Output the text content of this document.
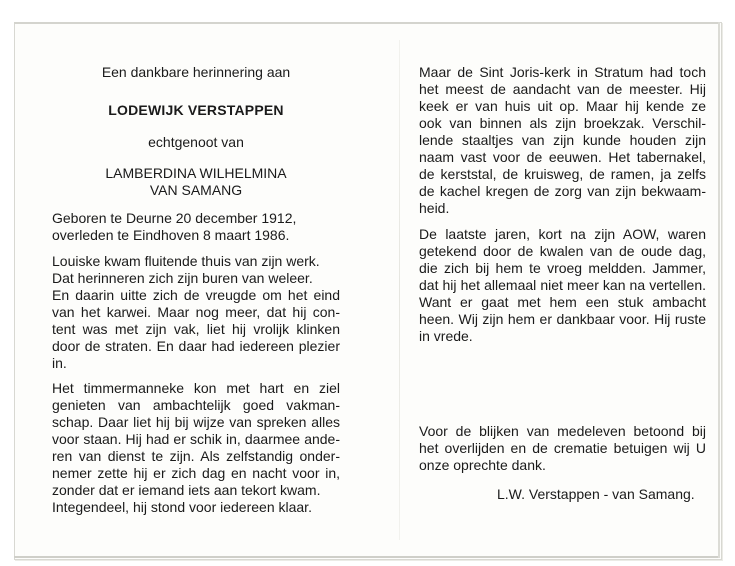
Een dankbare herinnering aan
LODEWIJK VERSTAPPEN
echtgenoot van
LAMBERDINA WILHELMINA
VAN SAMANG
Geboren te Deurne 20 december 1912,
overleden te Eindhoven 8 maart 1986.
Louiske kwam fluitende thuis van zijn werk.
Dat herinneren zich zijn buren van weleer.
En daarin uitte zich de vreugde om het eind
van het karwei. Maar nog meer, dat hij con-
tent was met zijn vak, liet hij vrolijk klinken
door de straten. En daar had iedereen plezier
in.
Het timmermanneke kon met hart en ziel
genieten van ambachtelijk goed vakman-
schap. Daar liet hij bij wijze van spreken alles
voor staan. Hij had er schik in, daarmee ande-
ren van dienst te zijn. Als zelfstandig onder-
nemer zette hij er zich dag en nacht voor in,
zonder dat er iemand iets aan tekort kwam.
Integendeel, hij stond voor iedereen klaar.
Maar de Sint Joris-kerk in Stratum had toch
het meest de aandacht van de meester. Hij
keek er van huis uit op. Maar hij kende ze
ook van binnen als zijn broekzak. Verschil-
lende staaltjes van zijn kunde houden zijn
naam vast voor de eeuwen. Het tabernakel,
de kerststal, de kruisweg, de ramen, ja zelfs
de kachel kregen de zorg van zijn bekwaam-
heid.
De laatste jaren, kort na zijn AOW, waren
getekend door de kwalen van de oude dag,
die zich bij hem te vroeg meldden. Jammer,
dat hij het allemaal niet meer kan na vertellen.
Want er gaat met hem een stuk ambacht
heen. Wij zijn hem er dankbaar voor. Hij ruste
in vrede.
Voor de blijken van medeleven betoond bij
het overlijden en de crematie betuigen wij U
onze oprechte dank.
L.W. Verstappen - van Samang.
